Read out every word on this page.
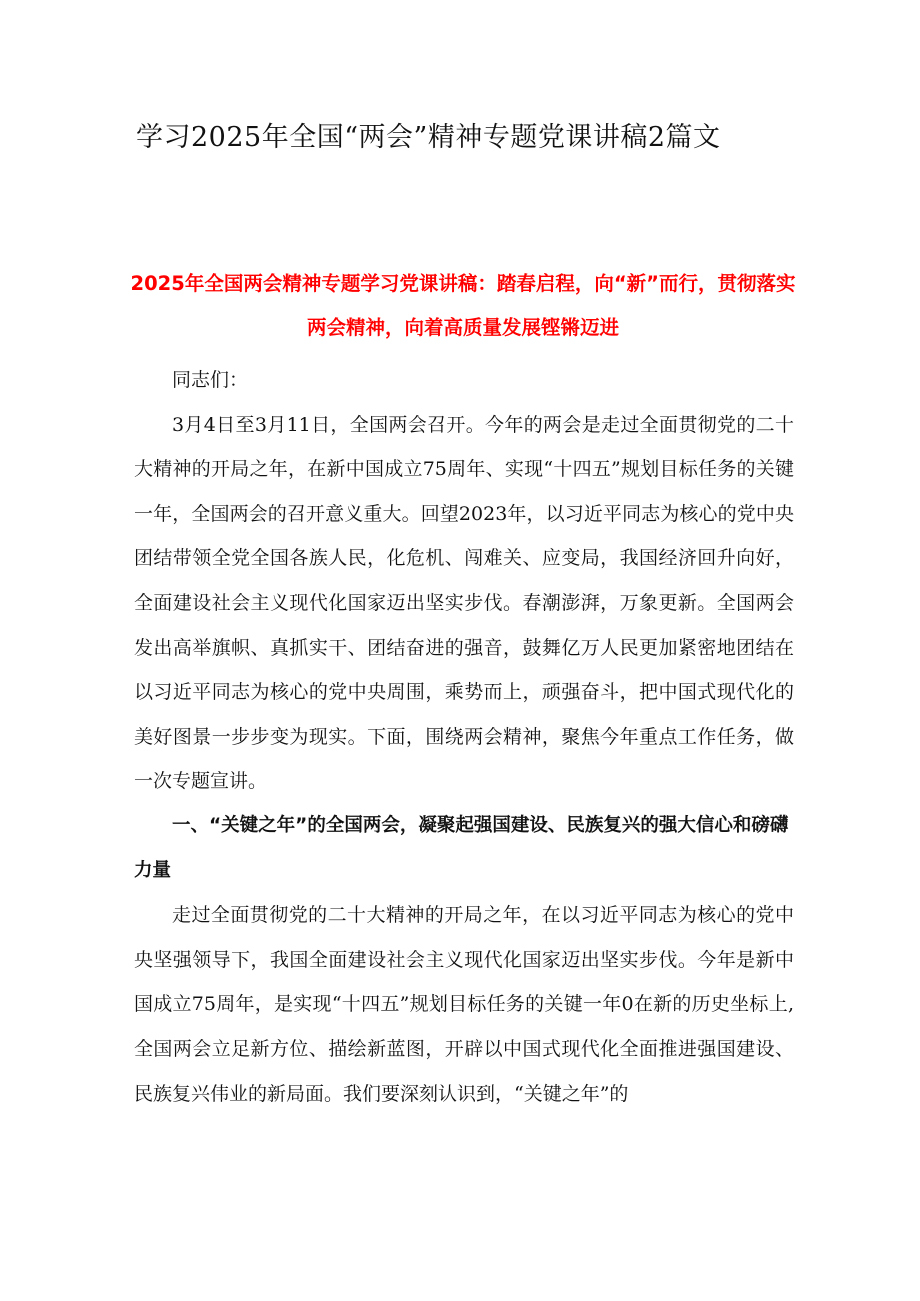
学习2025年全国“两会”精神专题党课讲稿2篇文
2025年全国两会精神专题学习党课讲稿：踏春启程，向“新”而行，贯彻落实两会精神，向着高质量发展铿锵迈进

同志们：

3月4日至3月11日，全国两会召开。今年的两会是走过全面贯彻党的二十大精神的开局之年，在新中国成立75周年、实现“十四五”规划目标任务的关键一年，全国两会的召开意义重大。回望2023年，以习近平同志为核心的党中央团结带领全党全国各族人民，化危机、闯难关、应变局，我国经济回升向好，全面建设社会主义现代化国家迈出坚实步伐。春潮澎湃，万象更新。全国两会发出高举旗帜、真抓实干、团结奋进的强音，鼓舞亿万人民更加紧密地团结在以习近平同志为核心的党中央周围，乘势而上，顽强奋斗，把中国式现代化的美好图景一步步变为现实。下面，围绕两会精神，聚焦今年重点工作任务，做一次专题宣讲。

一、“关键之年”的全国两会，凝聚起强国建设、民族复兴的强大信心和磅礴力量

走过全面贯彻党的二十大精神的开局之年，在以习近平同志为核心的党中央坚强领导下，我国全面建设社会主义现代化国家迈出坚实步伐。今年是新中国成立75周年，是实现“十四五”规划目标任务的关键一年0在新的历史坐标上,全国两会立足新方位、描绘新蓝图，开辟以中国式现代化全面推进强国建设、民族复兴伟业的新局面。我们要深刻认识到，“关键之年”的
